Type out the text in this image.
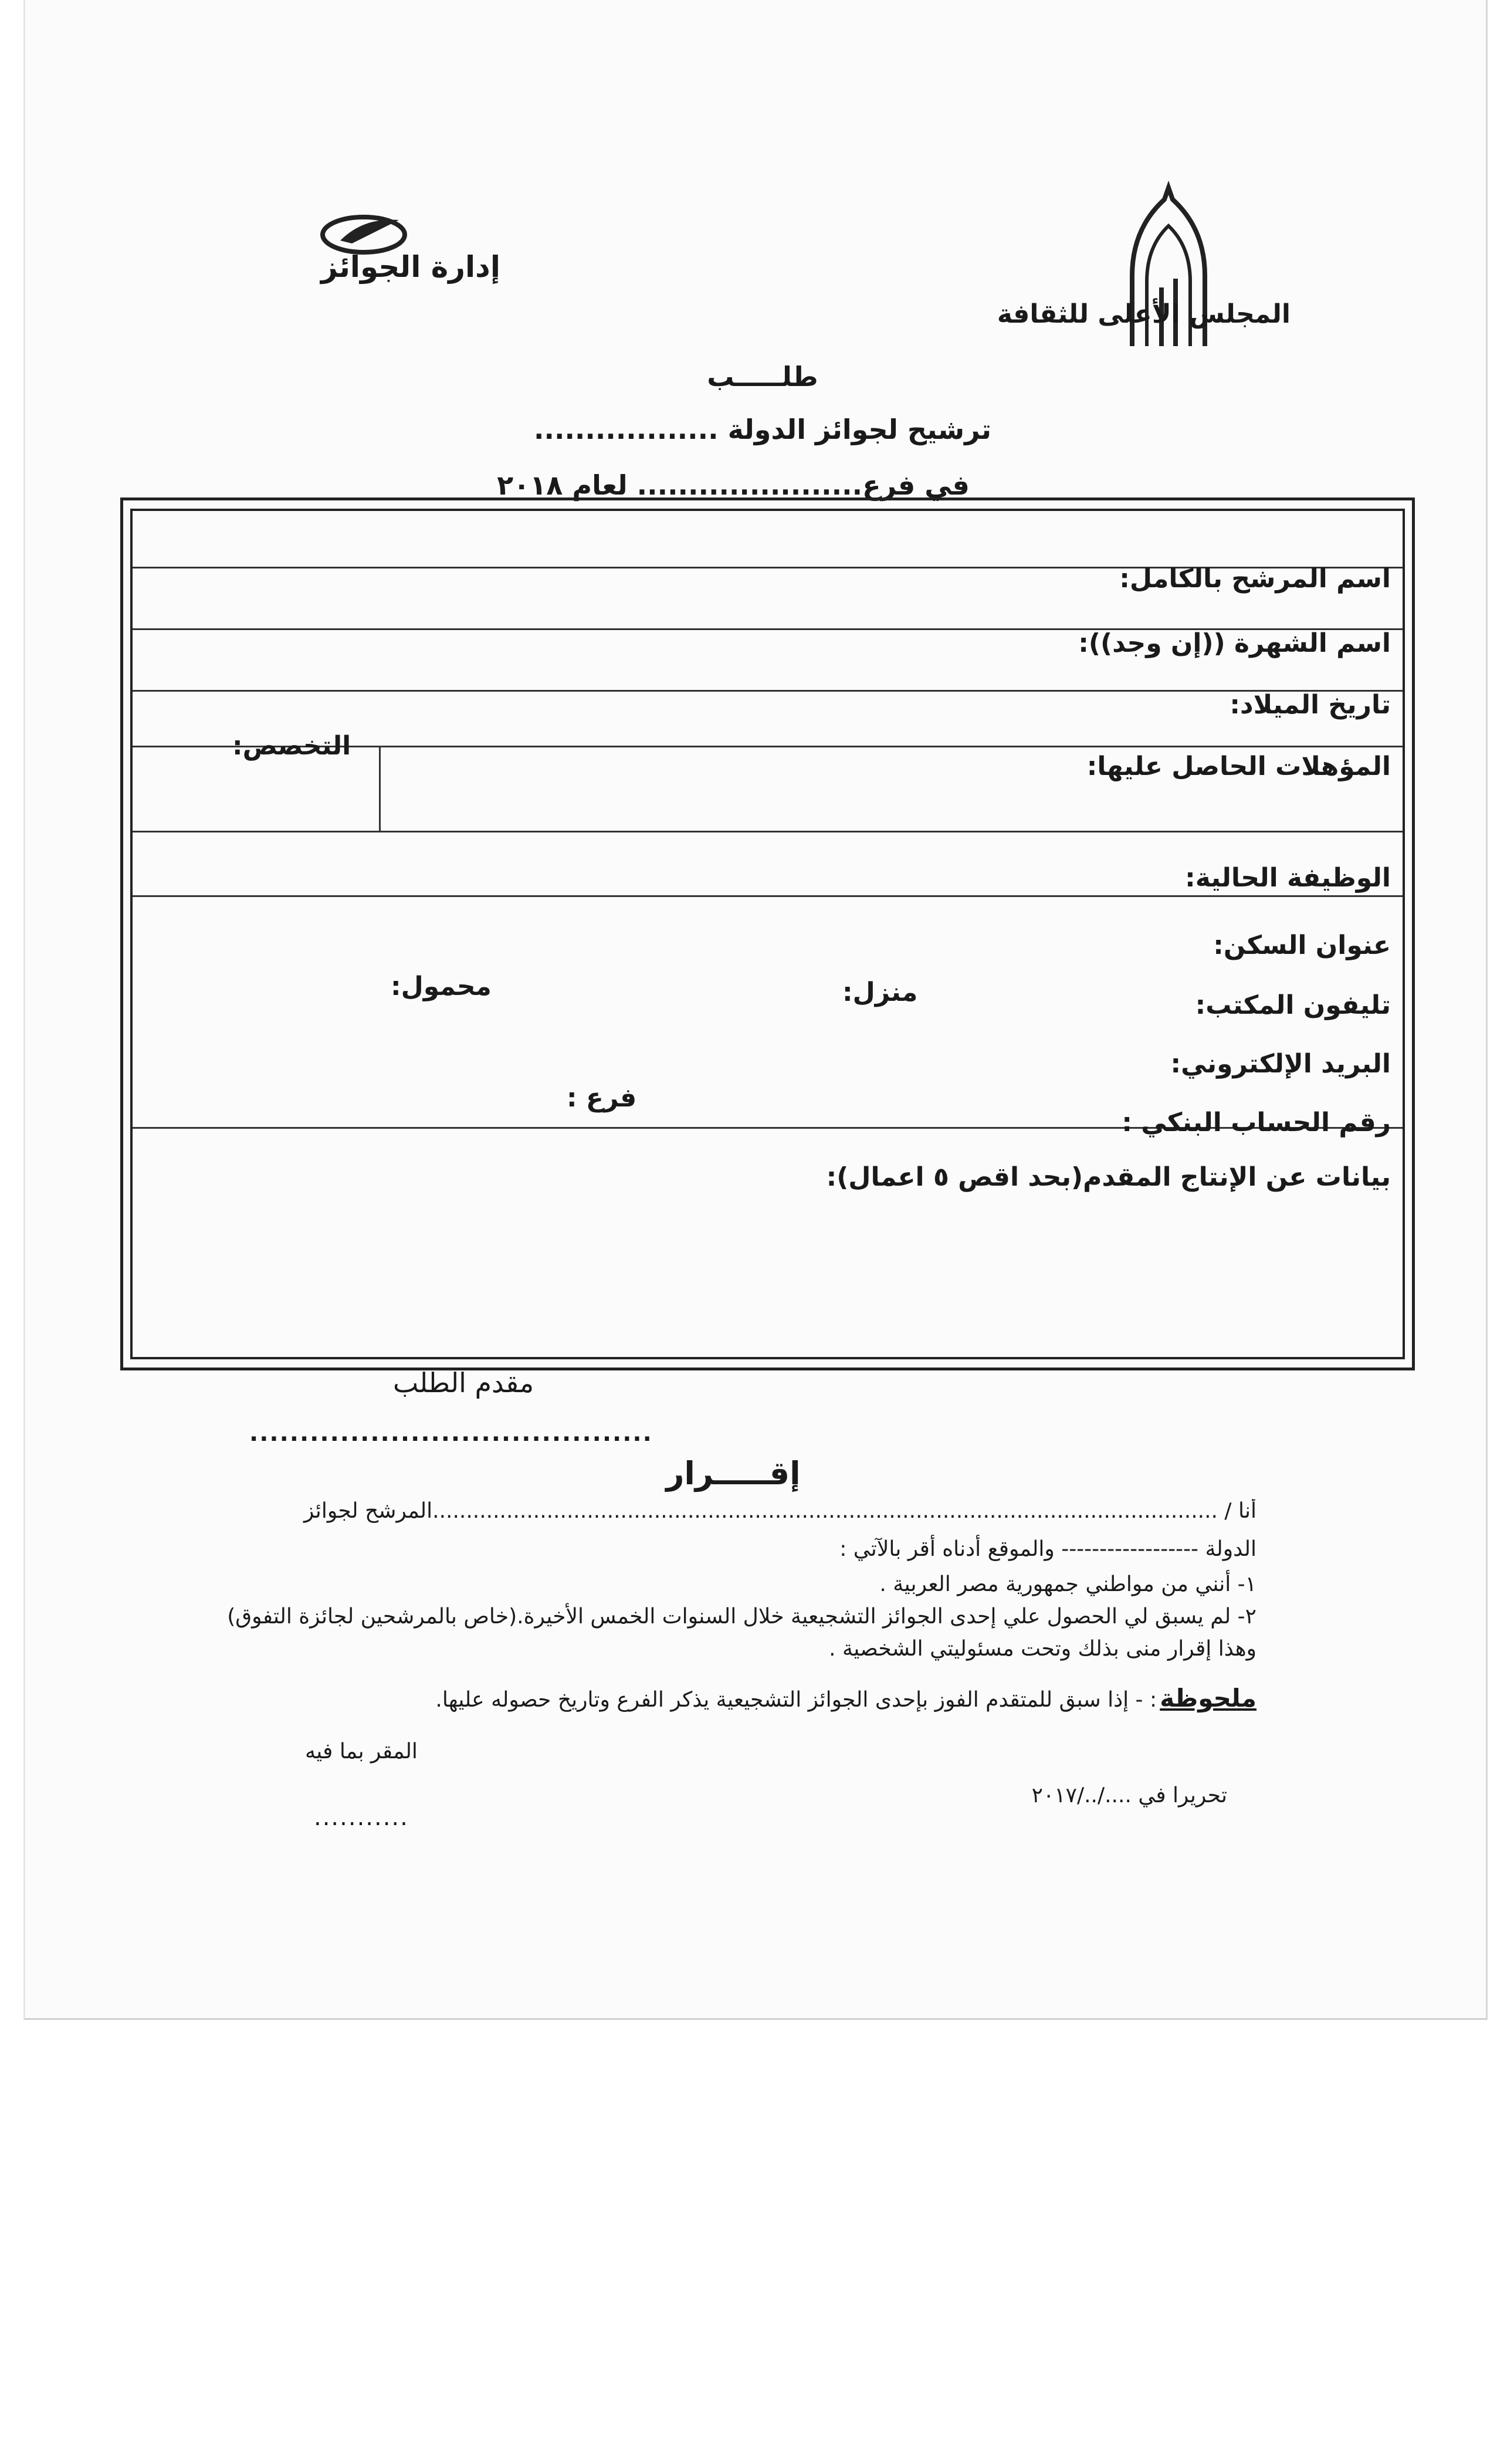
المجلس الأعلى للثقافة
إدارة الجوائز
طلـــــب
ترشيح لجوائز الدولة ..................
في فرع...................... لعام ٢٠١٨
اسم المرشح بالكامل:
اسم الشهرة ((إن وجد)):
تاريخ الميلاد:
المؤهلات الحاصل عليها:
التخصص:
الوظيفة الحالية:
عنوان السكن:
تليفون المكتب:
منزل:
محمول:
البريد الإلكتروني:
رقم الحساب البنكي :
فرع :
بيانات عن الإنتاج المقدم(بحد اقص ٥ اعمال):
مقدم الطلب
........................................
إقـــــرار
أنا / .....................................................................................................................المرشح لجوائز
الدولة ------------------ والموقع أدناه أقر بالآتي :
١- أنني من مواطني جمهورية مصر العربية .
٢- لم يسبق لي الحصول علي إحدى الجوائز التشجيعية خلال السنوات الخمس الأخيرة.(خاص بالمرشحين لجائزة التفوق)
وهذا إقرار منى بذلك وتحت مسئوليتي الشخصية .
ملحوظة : - إذا سبق للمتقدم الفوز بإحدى الجوائز التشجيعية يذكر الفرع وتاريخ حصوله عليها.
المقر بما فيه
تحريرا في ..../../٢٠١٧
...........
